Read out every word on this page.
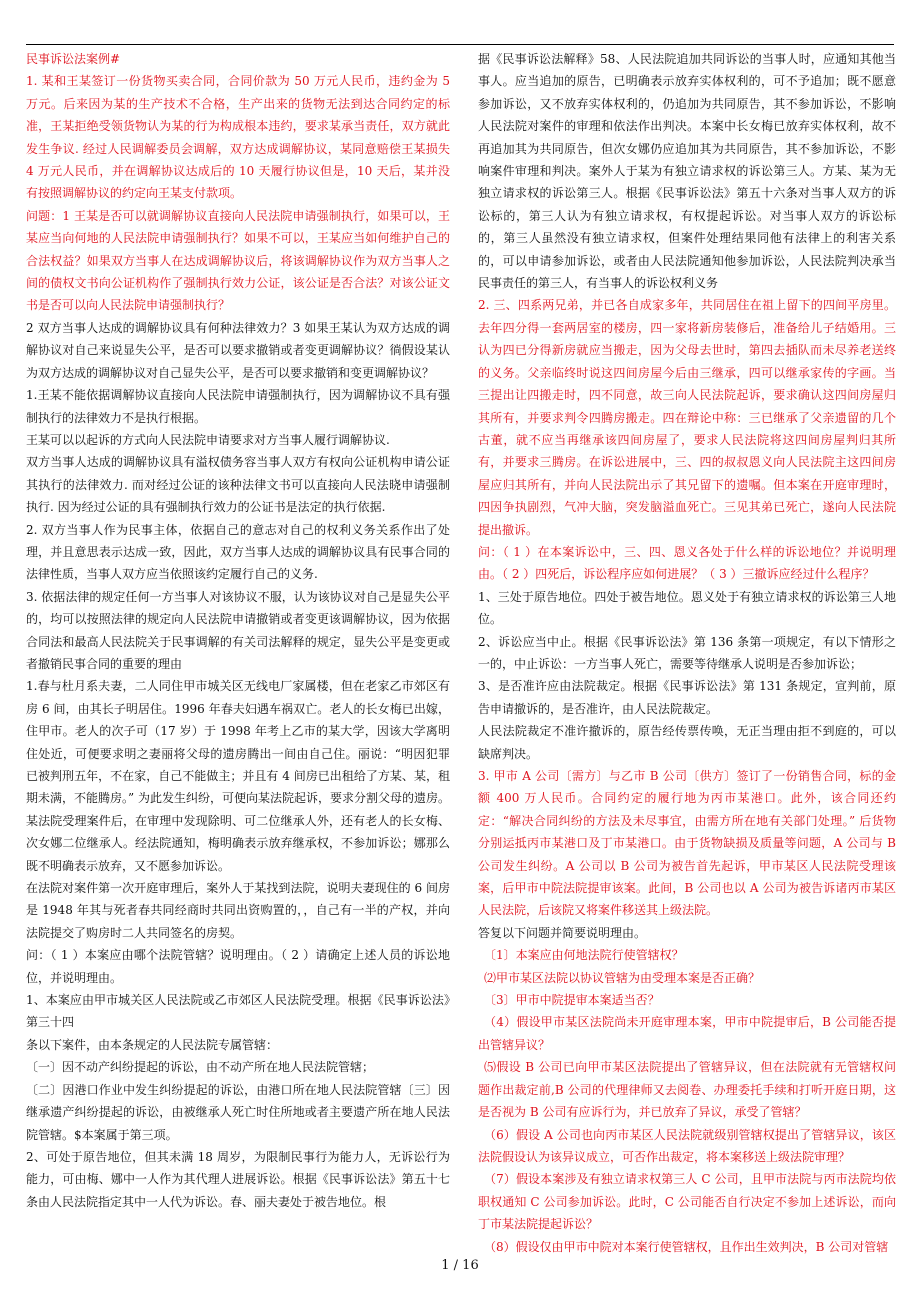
民事诉讼法案例#

1. 某和王某签订一份货物买卖合同，合同价款为 50 万元人民币，违约金为 5 万元。后来因为某的生产技术不合格，生产出来的货物无法到达合同约定的标准，王某拒绝受领货物认为某的行为构成根本违约，要求某承当责任，双方就此发生争议. 经过人民调解委员会调解，双方达成调解协议，某同意赔偿王某损失 4 万元人民币，并在调解协议达成后的 10 天履行协议但是，10 天后，某并没有按照调解协议的约定向王某支付款项。

问题：1 王某是否可以就调解协议直接向人民法院申请强制执行，如果可以，王某应当向何地的人民法院申请强制执行？如果不可以，王某应当如何维护自己的合法权益？如果双方当事人在达成调解协议后，将该调解协议作为双方当事人之间的债权文书向公证机构作了强制执行效力公证，该公证是否合法？对该公证文书是否可以向人民法院申请强制执行？

2 双方当事人达成的调解协议具有何种法律效力？3 如果王某认为双方达成的调解协议对自己来说显失公平，是否可以要求撤销或者变更调解协议？徜假设某认为双方达成的调解协议对自己显失公平，是否可以要求撤销和变更调解协议？

1.王某不能依据调解协议直接向人民法院申请强制执行，因为调解协议不具有强制执行的法律效力不是执行根据。

王某可以以起诉的方式向人民法院申请要求对方当事人履行调解协议.

双方当事人达成的调解协议具有溢权债务容当事人双方有权向公证机构申请公证其执行的法律效力. 而对经过公证的该种法律文书可以直接向人民法晓申请强制执行. 因为经过公证的具有强制执行效力的公证书是法定的执行依据.

2. 双方当事人作为民事主体，依据自己的意志对自己的权利义务关系作出了处理，并且意思表示达成一致，因此，双方当事人达成的调解协议具有民事合同的法律性质，当事人双方应当依照该约定履行自己的义务.

3. 依据法律的规定任何一方当事人对该协议不服，认为该协议对自己是显失公平的，均可以按照法律的规定向人民法院申请撤销或者变更该调解协议，因为依据合同法和最高人民法院关于民事调解的有关司法解释的规定，显失公平是变更或者撤销民事合同的重要的理由

1.春与杜月系夫妻，二人同住甲市城关区无线电厂家属楼，但在老家乙市郊区有房 6 间，由其长子明居住。1996 年春夫妇遇车祸双亡。老人的长女梅已出嫁，住甲市。老人的次子可（17 岁）于 1998 年考上乙市的某大学，因该大学离明住处近，可便要求明之妻丽将父母的遗房腾出一间由自己住。丽说：“明因犯罪已被判刑五年，不在家，自己不能做主；并且有 4 间房已出租给了方某、某，租期未满，不能腾房。” 为此发生纠纷，可便向某法院起诉，要求分割父母的遗房。

某法院受理案件后，在审理中发现除明、可二位继承人外，还有老人的长女梅、次女娜二位继承人。经法院通知，梅明确表示放弃继承权，不参加诉讼；娜那么既不明确表示放弃，又不愿参加诉讼。

在法院对案件第一次开庭审理后，案外人于某找到法院，说明夫妻现住的 6 间房是 1948 年其与死者春共同经商时共同出资购置的，，自己有一半的产权，并向法院提交了购房时二人共同签名的房契。

问：（ 1 ）本案应由哪个法院管辖？说明理由。（ 2 ）请确定上述人员的诉讼地位，并说明理由。

1、本案应由甲市城关区人民法院或乙市郊区人民法院受理。根据《民事诉讼法》第三十四

条以下案件，由本条规定的人民法院专属管辖：

〔一〕因不动产纠纷提起的诉讼，由不动产所在地人民法院管辖；

〔二〕因港口作业中发生纠纷提起的诉讼，由港口所在地人民法院管辖〔三〕因继承遗产纠纷提起的诉讼，由被继承人死亡时住所地或者主要遗产所在地人民法院管辖。$本案属于第三项。

2、可处于原告地位，但其未满 18 周岁，为限制民事行为能力人，无诉讼行为能力，可由梅、娜中一人作为其代理人进展诉讼。根据《民事诉讼法》第五十七条由人民法院指定其中一人代为诉讼。春、丽夫妻处于被告地位。根

据《民事诉讼法解释》58、人民法院追加共同诉讼的当事人时，应通知其他当事人。应当追加的原告，已明确表示放弃实体权利的，可不予追加；既不愿意参加诉讼，又不放弃实体权利的，仍追加为共同原告，其不参加诉讼，不影响人民法院对案件的审理和依法作出判决。本案中长女梅已放弃实体权利，故不再追加其为共同原告，但次女娜仍应追加其为共同原告，其不参加诉讼，不影响案件审理和判决。案外人于某为有独立请求权的诉讼第三人。方某、某为无独立请求权的诉讼第三人。根据《民事诉讼法》第五十六条对当事人双方的诉讼标的，第三人认为有独立请求权，有权提起诉讼。对当事人双方的诉讼标的，第三人虽然没有独立请求权，但案件处理结果同他有法律上的利害关系的，可以申请参加诉讼，或者由人民法院通知他参加诉讼，人民法院判决承当民事责任的第三人，有当事人的诉讼权利义务

2. 三、四系两兄弟，并已各自成家多年，共同居住在祖上留下的四间平房里。去年四分得一套两居室的楼房，四一家将新房装修后，准备给儿子结婚用。三认为四已分得新房就应当搬走，因为父母去世时，第四去插队而未尽养老送终的义务。父亲临终时说这四间房屋今后由三继承，四可以继承家传的字画。当三提出让四搬走时，四不同意，故三向人民法院起诉，要求确认这四间房屋归其所有，并要求判令四腾房搬走。四在辩论中称：三已继承了父亲遗留的几个古董，就不应当再继承该四间房屋了，要求人民法院将这四间房屋判归其所有，并要求三腾房。在诉讼进展中，三、四的叔叔恩义向人民法院主这四间房屋应归其所有，并向人民法院出示了其兄留下的遗嘱。但本案在开庭审理时，四因争执剧烈，气冲大脑，突发脑溢血死亡。三见其弟已死亡，遂向人民法院提出撤诉。

问：（ 1 ）在本案诉讼中，三、四、恩义各处于什么样的诉讼地位？并说明理由。（ 2 ）四死后，诉讼程序应如何进展？（ 3 ）三撤诉应经过什么程序？

1、三处于原告地位。四处于被告地位。恩义处于有独立请求权的诉讼第三人地位。

2、诉讼应当中止。根据《民事诉讼法》第 136 条第一项规定，有以下情形之一的，中止诉讼：一方当事人死亡，需要等待继承人说明是否参加诉讼；

3、是否准许应由法院裁定。根据《民事诉讼法》第 131 条规定，宣判前，原告申请撤诉的，是否准许，由人民法院裁定。

人民法院裁定不准许撤诉的，原告经传票传唤，无正当理由拒不到庭的，可以缺席判决。

3. 甲市 A 公司〔需方〕与乙市 B 公司〔供方〕签订了一份销售合同，标的金额 400 万人民币。合同约定的履行地为丙市某港口。此外，该合同还约定：“解决合同纠纷的方法及未尽事宜，由需方所在地有关部门处理。” 后货物分别运抵丙市某港口及丁市某港口。由于货物缺损及质量等问题，A 公司与 B 公司发生纠纷。A 公司以 B 公司为被告首先起诉，甲市某区人民法院受理该案，后甲市中院法院提审该案。此间，B 公司也以 A 公司为被告诉诸丙市某区人民法院，后该院又将案件移送其上级法院。

答复以下问题并简要说明理由。

〔1〕本案应由何地法院行使管辖权？

⑵甲市某区法院以协议管辖为由受理本案是否正确？

〔3〕甲市中院提审本案适当否？

（4）假设甲市某区法院尚未开庭审理本案，甲市中院提审后，B 公司能否提出管辖异议？

⑸假设 B 公司已向甲市某区法院提出了管辖异议，但在法院就有无管辖权问题作出裁定前,B 公司的代理律师又去阅卷、办理委托手续和打听开庭日期，这是否视为 B 公司有应诉行为，并已放弃了异议，承受了管辖？

（6）假设 A 公司也向丙市某区人民法院就级别管辖权提出了管辖异议，该区法院假设认为该异议成立，可否作出裁定，将本案移送上级法院审理？

（7）假设本案涉及有独立请求权第三人 C 公司，且甲市法院与丙市法院均依职权通知 C 公司参加诉讼。此时，C 公司能否自行决定不参加上述诉讼，而向丁市某法院提起诉讼？

（8）假设仅由甲市中院对本案行使管辖权，且作出生效判决，B 公司对管辖

1 / 16
